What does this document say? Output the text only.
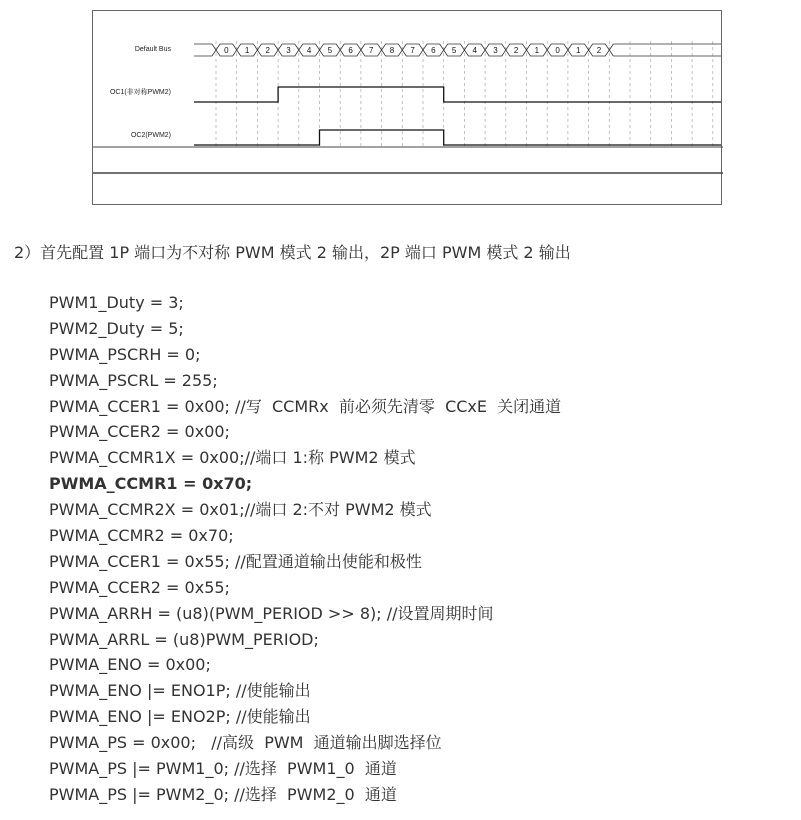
Default Bus
OC1(非对称PWM2)
OC2(PWM2)
0 1 2 3 4 5 6 7 8 7 6 5 4 3 2 1 0 1 2
2）首先配置 1P 端口为不对称 PWM 模式 2 输出，2P 端口 PWM 模式 2 输出
PWM1_Duty = 3;
PWM2_Duty = 5;
PWMA_PSCRH = 0;
PWMA_PSCRL = 255;
PWMA_CCER1 = 0x00; //写  CCMRx  前必须先清零  CCxE  关闭通道
PWMA_CCER2 = 0x00;
PWMA_CCMR1X = 0x00;//端口 1:称 PWM2 模式
PWMA_CCMR1 = 0x70;
PWMA_CCMR2X = 0x01;//端口 2:不对 PWM2 模式
PWMA_CCMR2 = 0x70;
PWMA_CCER1 = 0x55; //配置通道输出使能和极性
PWMA_CCER2 = 0x55;
PWMA_ARRH = (u8)(PWM_PERIOD >> 8); //设置周期时间
PWMA_ARRL = (u8)PWM_PERIOD;
PWMA_ENO = 0x00;
PWMA_ENO |= ENO1P; //使能输出
PWMA_ENO |= ENO2P; //使能输出
PWMA_PS = 0x00;   //高级  PWM  通道输出脚选择位
PWMA_PS |= PWM1_0; //选择  PWM1_0  通道
PWMA_PS |= PWM2_0; //选择  PWM2_0  通道
